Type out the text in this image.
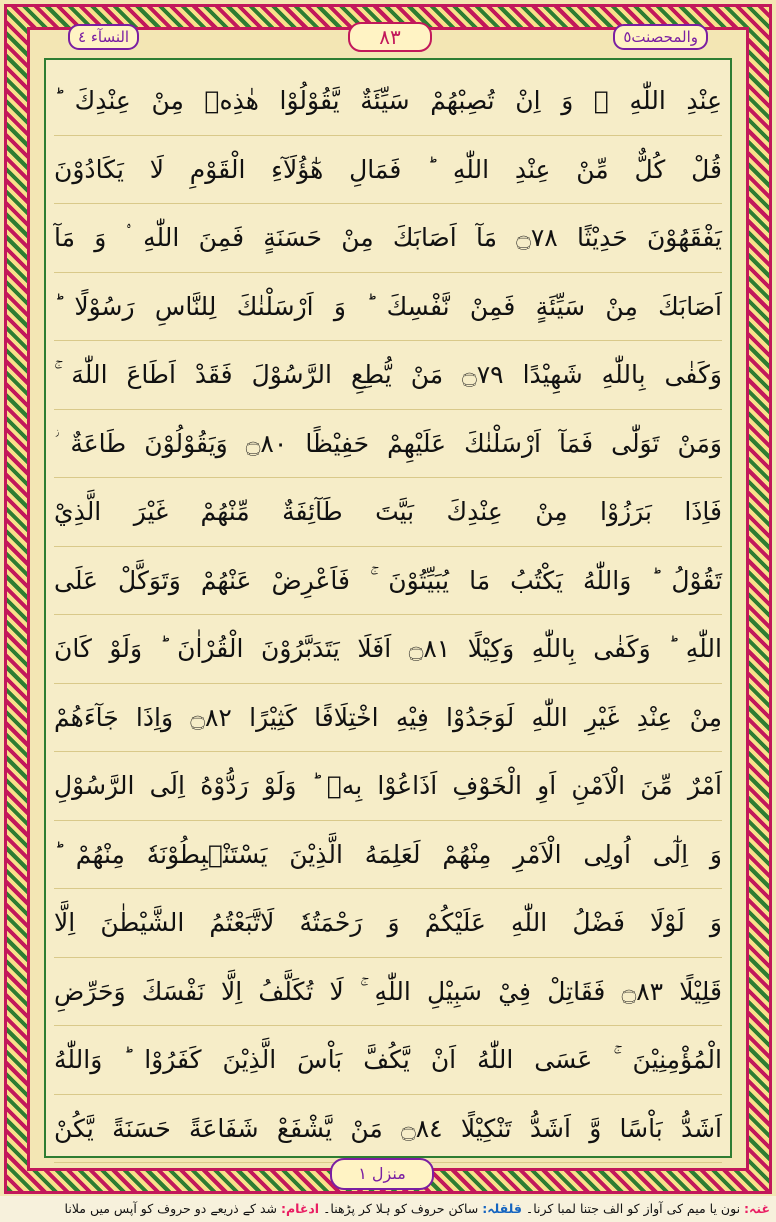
والمحصنت٥
٨٣
النسآء ٤
عِنْدِ اللّٰهِ ۚ وَ اِنْ تُصِبْهُمْ سَيِّئَةٌ يَّقُوْلُوْا هٰذِهٖ مِنْ عِنْدِكَ ؕ
قُلْ كُلٌّ مِّنْ عِنْدِ اللّٰهِ ؕ فَمَالِ هٰٓؤُلَآءِ الْقَوْمِ لَا يَكَادُوْنَ
يَفْقَهُوْنَ حَدِيْثًا ۝٧٨ مَآ اَصَابَكَ مِنْ حَسَنَةٍ فَمِنَ اللّٰهِ ۟ وَ مَآ
اَصَابَكَ مِنْ سَيِّئَةٍ فَمِنْ نَّفْسِكَ ؕ وَ اَرْسَلْنٰكَ لِلنَّاسِ رَسُوْلًا ؕ
وَكَفٰى بِاللّٰهِ شَهِيْدًا ۝٧٩ مَنْ يُّطِعِ الرَّسُوْلَ فَقَدْ اَطَاعَ اللّٰهَ ۚ
وَمَنْ تَوَلّٰى فَمَآ اَرْسَلْنٰكَ عَلَيْهِمْ حَفِيْظًا ۝٨٠ وَيَقُوْلُوْنَ طَاعَةٌ ؗ
فَاِذَا بَرَزُوْا مِنْ عِنْدِكَ بَيَّتَ طَآئِفَةٌ مِّنْهُمْ غَيْرَ الَّذِيْ
تَقُوْلُ ؕ وَاللّٰهُ يَكْتُبُ مَا يُبَيِّتُوْنَ ۚ فَاَعْرِضْ عَنْهُمْ وَتَوَكَّلْ عَلَى
اللّٰهِ ؕ وَكَفٰى بِاللّٰهِ وَكِيْلًا ۝٨١ اَفَلَا يَتَدَبَّرُوْنَ الْقُرْاٰنَ ؕ وَلَوْ كَانَ
مِنْ عِنْدِ غَيْرِ اللّٰهِ لَوَجَدُوْا فِيْهِ اخْتِلَافًا كَثِيْرًا ۝٨٢ وَاِذَا جَآءَهُمْ
اَمْرٌ مِّنَ الْاَمْنِ اَوِ الْخَوْفِ اَذَاعُوْا بِهٖ ؕ وَلَوْ رَدُّوْهُ اِلَى الرَّسُوْلِ
وَ اِلٰٓى اُولِى الْاَمْرِ مِنْهُمْ لَعَلِمَهُ الَّذِيْنَ يَسْتَنْۢبِطُوْنَهٗ مِنْهُمْ ؕ
وَ لَوْلَا فَضْلُ اللّٰهِ عَلَيْكُمْ وَ رَحْمَتُهٗ لَاتَّبَعْتُمُ الشَّيْطٰنَ اِلَّا
قَلِيْلًا ۝٨٣ فَقَاتِلْ فِيْ سَبِيْلِ اللّٰهِ ۚ لَا تُكَلَّفُ اِلَّا نَفْسَكَ وَحَرِّضِ
الْمُؤْمِنِيْنَ ۚ عَسَى اللّٰهُ اَنْ يَّكُفَّ بَاْسَ الَّذِيْنَ كَفَرُوْا ؕ وَاللّٰهُ
اَشَدُّ بَاْسًا وَّ اَشَدُّ تَنْكِيْلًا ۝٨٤ مَنْ يَّشْفَعْ شَفَاعَةً حَسَنَةً يَّكُنْ
منزل ١
غنہ: نون یا میم کی آواز کو الف جتنا لمبا کرنا۔ قلقلہ: ساکن حروف کو ہلا کر پڑھنا۔ ادغام: شد کے ذریعے دو حروف کو آپس میں ملانا
